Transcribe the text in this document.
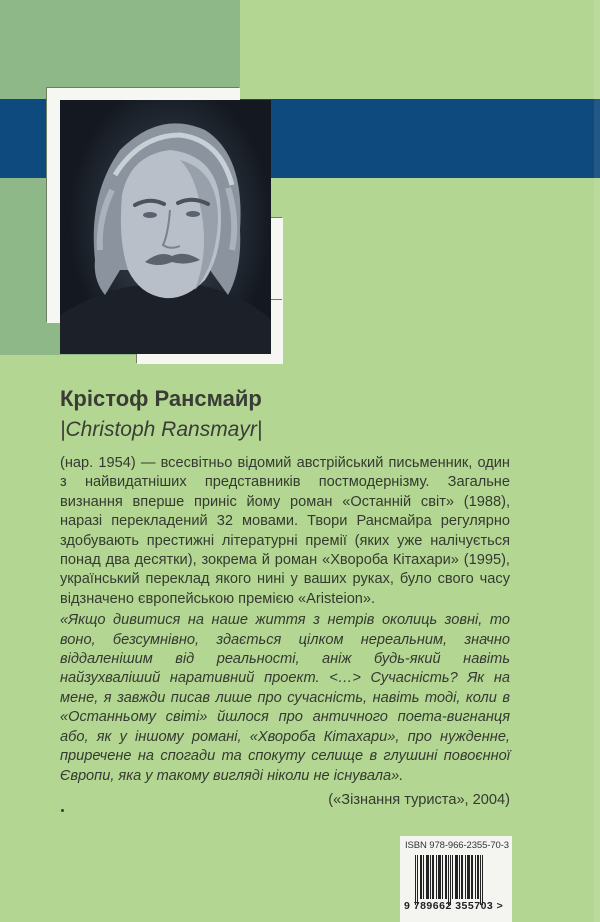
Крістоф Рансмайр
|Christoph Ransmayr|

(нар. 1954) — всесвітньо відомий австрійський письменник, один з найвидатніших представників постмодернізму. Загальне визнання вперше приніс йому роман «Останній світ» (1988), наразі перекладений 32 мовами. Твори Рансмайра регулярно здобувають престижні літературні премії (яких уже налічується понад два десятки), зокрема й роман «Хвороба Кітахари» (1995), український переклад якого нині у ваших руках, було свого часу відзначено європейською премією «Aristeion».

«Якщо дивитися на наше життя з нетрів околиць зовні, то воно, безсумнівно, здається цілком нереальним, значно віддаленішим від реальності, аніж будь-який навіть найзухваліший наративний проект. <…> Сучасність? Як на мене, я завжди писав лише про сучасність, навіть тоді, коли в «Останньому світі» йшлося про античного поета-вигнанця або, як у іншому романі, «Хвороба Кітахари», про нужденне, приречене на спогади та спокуту селище в глушині повоєнної Європи, яка у такому вигляді ніколи не існувала».

(«Зізнання туриста», 2004)
ISBN 978-966-2355-70-3
9 789662 355703 >
